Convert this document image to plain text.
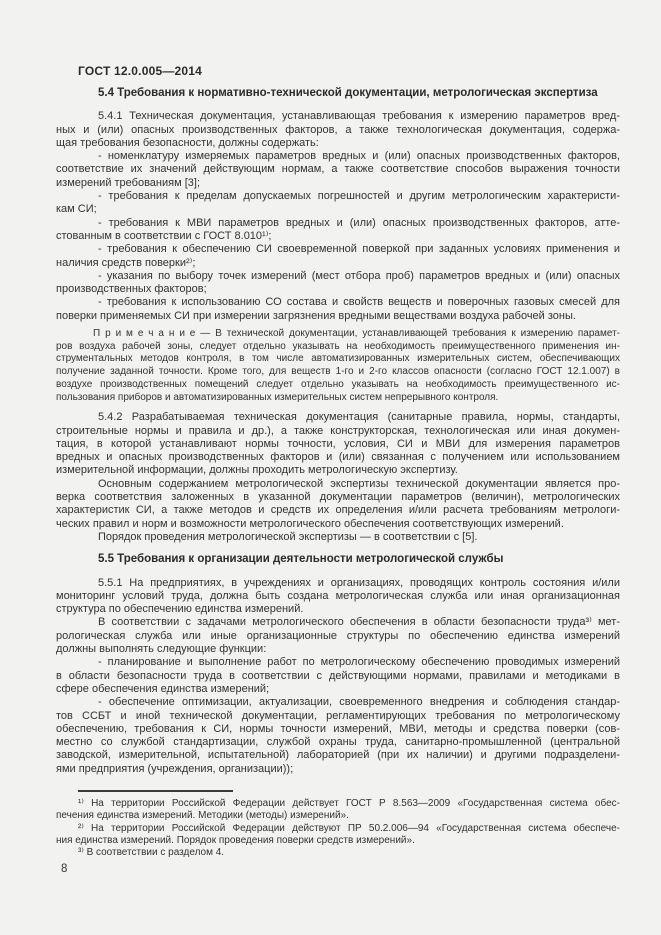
ГОСТ 12.0.005—2014
5.4 Требования к нормативно-технической документации, метрологическая экспертиза
5.4.1 Техническая документация, устанавливающая требования к измерению параметров вред-
ных и (или) опасных производственных факторов, а также технологическая документация, содержа-
щая требования безопасности, должны содержать:
- номенклатуру измеряемых параметров вредных и (или) опасных производственных факторов,
соответствие их значений действующим нормам, а также соответствие способов выражения точности
измерений требованиям [3];
- требования к пределам допускаемых погрешностей и другим метрологическим характеристи-
кам СИ;
- требования к МВИ параметров вредных и (или) опасных производственных факторов, атте-
стованным в соответствии с ГОСТ 8.010¹⁾;
- требования к обеспечению СИ своевременной поверкой при заданных условиях применения и
наличия средств поверки²⁾;
- указания по выбору точек измерений (мест отбора проб) параметров вредных и (или) опасных
производственных факторов;
- требования к использованию СО состава и свойств веществ и поверочных газовых смесей для
поверки применяемых СИ при измерении загрязнения вредными веществами воздуха рабочей зоны.
П р и м е ч а н и е — В технической документации, устанавливающей требования к измерению парамет-
ров воздуха рабочей зоны, следует отдельно указывать на необходимость преимущественного применения ин-
струментальных методов контроля, в том числе автоматизированных измерительных систем, обеспечивающих
получение заданной точности. Кроме того, для веществ 1-го и 2-го классов опасности (согласно ГОСТ 12.1.007) в
воздухе производственных помещений следует отдельно указывать на необходимость преимущественного ис-
пользования приборов и автоматизированных измерительных систем непрерывного контроля.
5.4.2 Разрабатываемая техническая документация (санитарные правила, нормы, стандарты,
строительные нормы и правила и др.), а также конструкторская, технологическая или иная докумен-
тация, в которой устанавливают нормы точности, условия, СИ и МВИ для измерения параметров
вредных и опасных производственных факторов и (или) связанная с получением или использованием
измерительной информации, должны проходить метрологическую экспертизу.
Основным содержанием метрологической экспертизы технической документации является про-
верка соответствия заложенных в указанной документации параметров (величин), метрологических
характеристик СИ, а также методов и средств их определения и/или расчета требованиям метрологи-
ческих правил и норм и возможности метрологического обеспечения соответствующих измерений.
Порядок проведения метрологической экспертизы — в соответствии с [5].
5.5 Требования к организации деятельности метрологической службы
5.5.1 На предприятиях, в учреждениях и организациях, проводящих контроль состояния и/или
мониторинг условий труда, должна быть создана метрологическая служба или иная организационная
структура по обеспечению единства измерений.
В соответствии с задачами метрологического обеспечения в области безопасности труда³⁾ мет-
рологическая служба или иные организационные структуры по обеспечению единства измерений
должны выполнять следующие функции:
- планирование и выполнение работ по метрологическому обеспечению проводимых измерений
в области безопасности труда в соответствии с действующими нормами, правилами и методиками в
сфере обеспечения единства измерений;
- обеспечение оптимизации, актуализации, своевременного внедрения и соблюдения стандар-
тов ССБТ и иной технической документации, регламентирующих требования по метрологическому
обеспечению, требования к СИ, нормы точности измерений, МВИ, методы и средства поверки (сов-
местно со службой стандартизации, службой охраны труда, санитарно-промышленной (центральной
заводской, измерительной, испытательной) лабораторией (при их наличии) и другими подразделени-
ями предприятия (учреждения, организации));
¹⁾ На территории Российской Федерации действует ГОСТ Р 8.563—2009 «Государственная система обес-
печения единства измерений. Методики (методы) измерений».
²⁾ На территории Российской Федерации действуют ПР 50.2.006—94 «Государственная система обеспече-
ния единства измерений. Порядок проведения поверки средств измерений».
³⁾ В соответствии с разделом 4.
8
